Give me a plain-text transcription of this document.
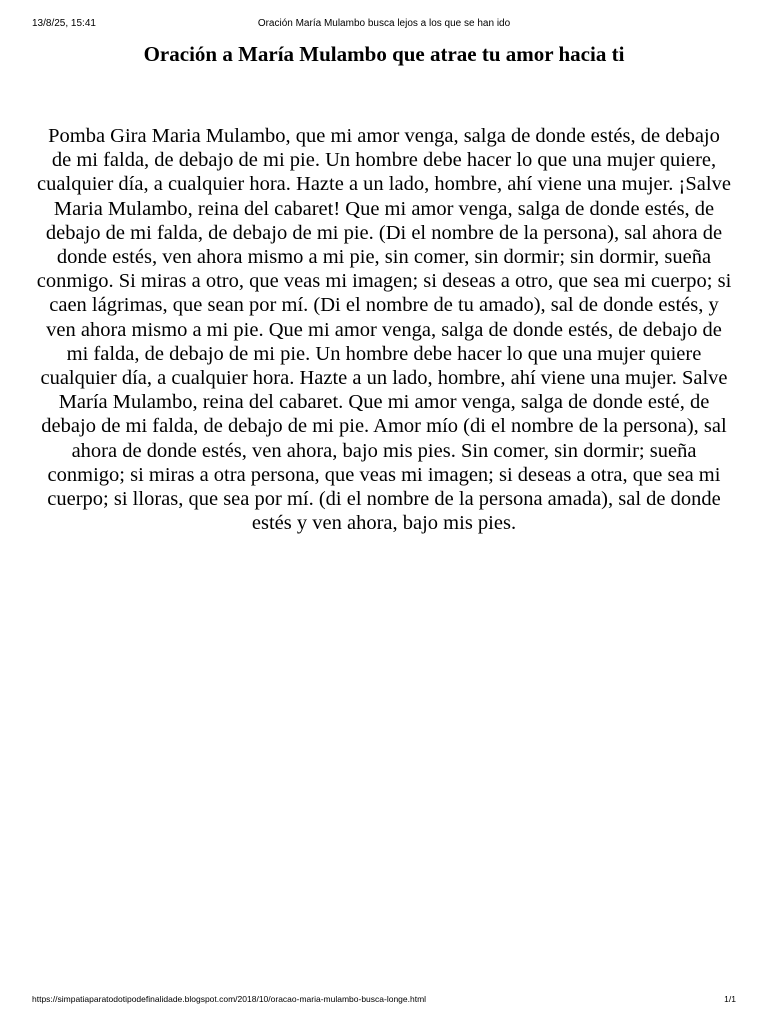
13/8/25, 15:41	Oración María Mulambo busca lejos a los que se han ido
Oración a María Mulambo que atrae tu amor hacia ti

Pomba Gira Maria Mulambo, que mi amor venga, salga de donde estés, de debajo de mi falda, de debajo de mi pie. Un hombre debe hacer lo que una mujer quiere, cualquier día, a cualquier hora. Hazte a un lado, hombre, ahí viene una mujer. ¡Salve Maria Mulambo, reina del cabaret! Que mi amor venga, salga de donde estés, de debajo de mi falda, de debajo de mi pie. (Di el nombre de la persona), sal ahora de donde estés, ven ahora mismo a mi pie, sin comer, sin dormir; sin dormir, sueña conmigo. Si miras a otro, que veas mi imagen; si deseas a otro, que sea mi cuerpo; si caen lágrimas, que sean por mí. (Di el nombre de tu amado), sal de donde estés, y ven ahora mismo a mi pie. Que mi amor venga, salga de donde estés, de debajo de mi falda, de debajo de mi pie. Un hombre debe hacer lo que una mujer quiere cualquier día, a cualquier hora. Hazte a un lado, hombre, ahí viene una mujer. Salve María Mulambo, reina del cabaret. Que mi amor venga, salga de donde esté, de debajo de mi falda, de debajo de mi pie. Amor mío (di el nombre de la persona), sal ahora de donde estés, ven ahora, bajo mis pies. Sin comer, sin dormir; sueña conmigo; si miras a otra persona, que veas mi imagen; si deseas a otra, que sea mi cuerpo; si lloras, que sea por mí. (di el nombre de la persona amada), sal de donde estés y ven ahora, bajo mis pies.

https://simpatiaparatodotipodefinalidade.blogspot.com/2018/10/oracao-maria-mulambo-busca-longe.html	1/1
